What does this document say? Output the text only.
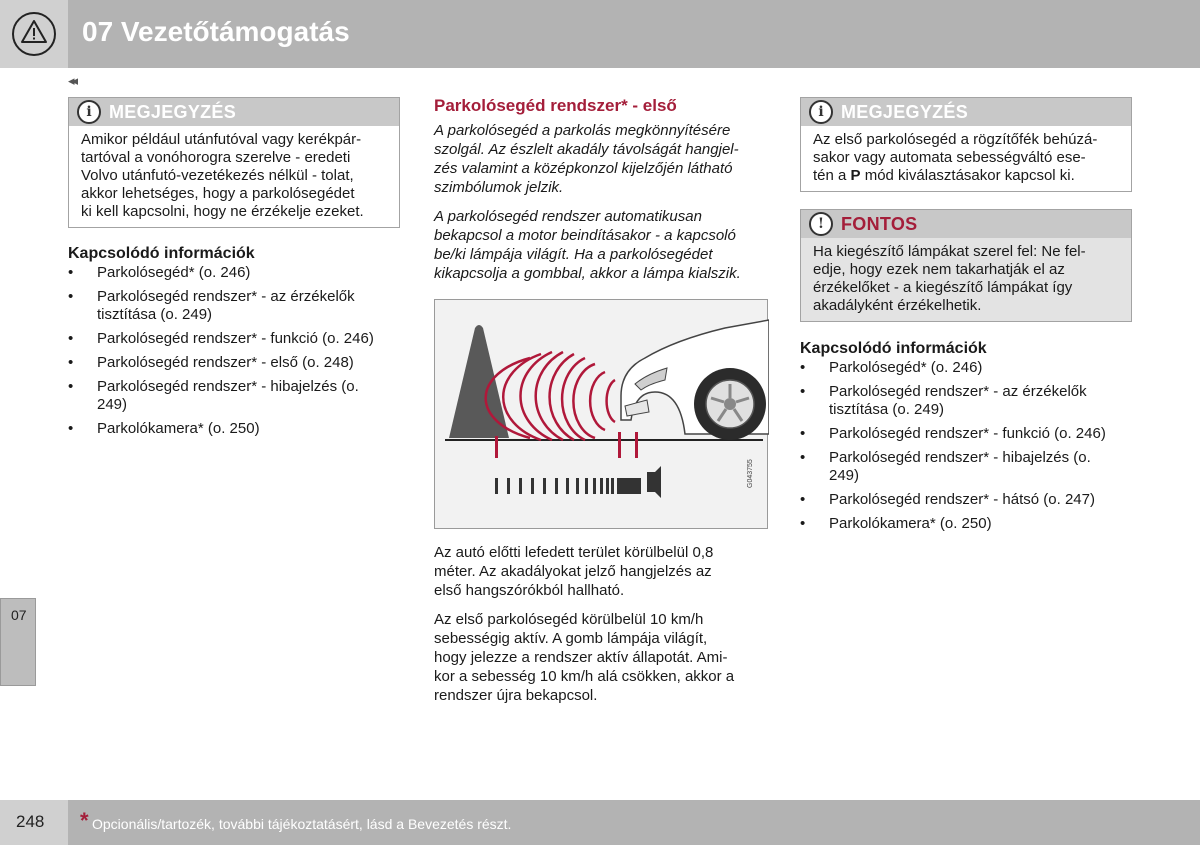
07 Vezetőtámogatás
◂◂
i MEGJEGYZÉS
Amikor például utánfutóval vagy kerékpár-
tartóval a vonóhorogra szerelve - eredeti
Volvo utánfutó-vezetékezés nélkül - tolat,
akkor lehetséges, hogy a parkolósegédet
ki kell kapcsolni, hogy ne érzékelje ezeket.
Kapcsolódó információk
• Parkolósegéd* (o. 246)
• Parkolósegéd rendszer* - az érzékelők tisztítása (o. 249)
• Parkolósegéd rendszer* - funkció (o. 246)
• Parkolósegéd rendszer* - első (o. 248)
• Parkolósegéd rendszer* - hibajelzés (o. 249)
• Parkolókamera* (o. 250)
Parkolósegéd rendszer* - első
A parkolósegéd a parkolás megkönnyítésére
szolgál. Az észlelt akadály távolságát hangjel-
zés valamint a középkonzol kijelzőjén látható
szimbólumok jelzik.
A parkolósegéd rendszer automatikusan
bekapcsol a motor beindításakor - a kapcsoló
be/ki lámpája világít. Ha a parkolósegédet
kikapcsolja a gombbal, akkor a lámpa kialszik.
G043755
Az autó előtti lefedett terület körülbelül 0,8
méter. Az akadályokat jelző hangjelzés az
első hangszórókból hallható.
Az első parkolósegéd körülbelül 10 km/h
sebességig aktív. A gomb lámpája világít,
hogy jelezze a rendszer aktív állapotát. Ami-
kor a sebesség 10 km/h alá csökken, akkor a
rendszer újra bekapcsol.
i MEGJEGYZÉS
Az első parkolósegéd a rögzítőfék behúzá-
sakor vagy automata sebességváltó ese-
tén a P mód kiválasztásakor kapcsol ki.
! FONTOS
Ha kiegészítő lámpákat szerel fel: Ne fel-
edje, hogy ezek nem takarhatják el az
érzékelőket - a kiegészítő lámpákat így
akadályként érzékelhetik.
Kapcsolódó információk
• Parkolósegéd* (o. 246)
• Parkolósegéd rendszer* - az érzékelők tisztítása (o. 249)
• Parkolósegéd rendszer* - funkció (o. 246)
• Parkolósegéd rendszer* - hibajelzés (o. 249)
• Parkolósegéd rendszer* - hátsó (o. 247)
• Parkolókamera* (o. 250)
07
248 * Opcionális/tartozék, további tájékoztatásért, lásd a Bevezetés részt.
